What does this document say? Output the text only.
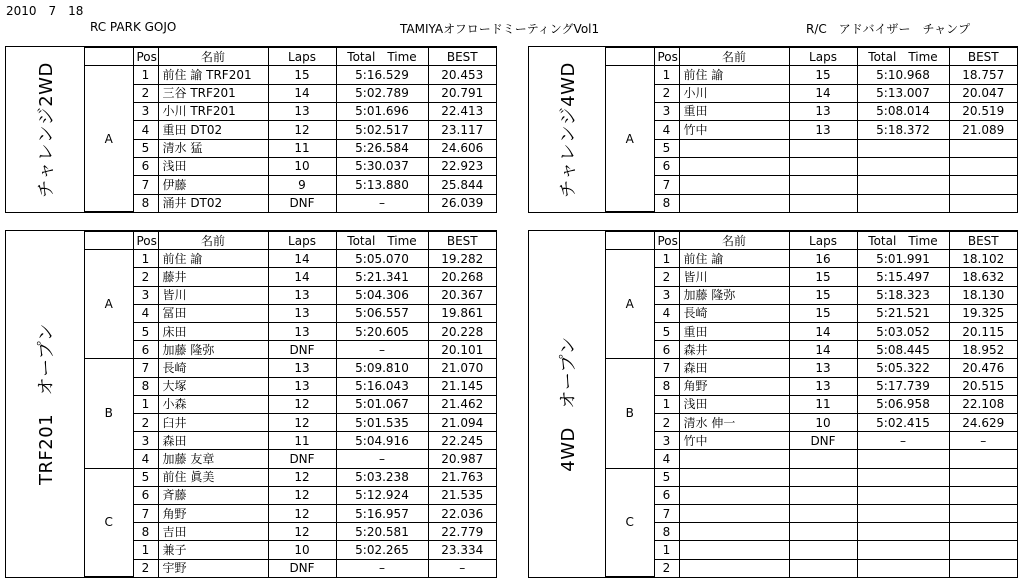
2010　7　18
RC PARK GOJO	TAMIYAオフロードミーティングVol1	R/C　アドバイザー　チャンプ
チャレンジ2WD
	Pos	名前	Laps	Total　Time	BEST
A	1	前住 諭 TRF201	15	5:16.529	20.453
	2	三谷 TRF201	14	5:02.789	20.791
	3	小川 TRF201	13	5:01.696	22.413
	4	重田 DT02	12	5:02.517	23.117
	5	清水 猛	11	5:26.584	24.606
	6	浅田	10	5:30.037	22.923
	7	伊藤	9	5:13.880	25.844
	8	涌井 DT02	DNF	–	26.039
チャレンジ4WD
	Pos	名前	Laps	Total　Time	BEST
A	1	前住 諭	15	5:10.968	18.757
	2	小川	14	5:13.007	20.047
	3	重田	13	5:08.014	20.519
	4	竹中	13	5:18.372	21.089
	5				
	6				
	7				
	8				
TRF201　オープン
	Pos	名前	Laps	Total　Time	BEST
A	1	前住 諭	14	5:05.070	19.282
	2	藤井	14	5:21.341	20.268
	3	皆川	13	5:04.306	20.367
	4	冨田	13	5:06.557	19.861
	5	床田	13	5:20.605	20.228
	6	加藤 隆弥	DNF	–	20.101
B	7	長崎	13	5:09.810	21.070
	8	大塚	13	5:16.043	21.145
	1	小森	12	5:01.067	21.462
	2	臼井	12	5:01.535	21.094
	3	森田	11	5:04.916	22.245
	4	加藤 友章	DNF	–	20.987
C	5	前住 眞美	12	5:03.238	21.763
	6	斉藤	12	5:12.924	21.535
	7	角野	12	5:16.957	22.036
	8	吉田	12	5:20.581	22.779
	1	兼子	10	5:02.265	23.334
	2	宇野	DNF	–	–
4WD　オープン
	Pos	名前	Laps	Total　Time	BEST
A	1	前住 諭	16	5:01.991	18.102
	2	皆川	15	5:15.497	18.632
	3	加藤 隆弥	15	5:18.323	18.130
	4	長崎	15	5:21.521	19.325
	5	重田	14	5:03.052	20.115
	6	森井	14	5:08.445	18.952
B	7	森田	13	5:05.322	20.476
	8	角野	13	5:17.739	20.515
	1	浅田	11	5:06.958	22.108
	2	清水 伸一	10	5:02.415	24.629
	3	竹中	DNF	–	–
	4				
C	5				
	6				
	7				
	8				
	1				
	2				
